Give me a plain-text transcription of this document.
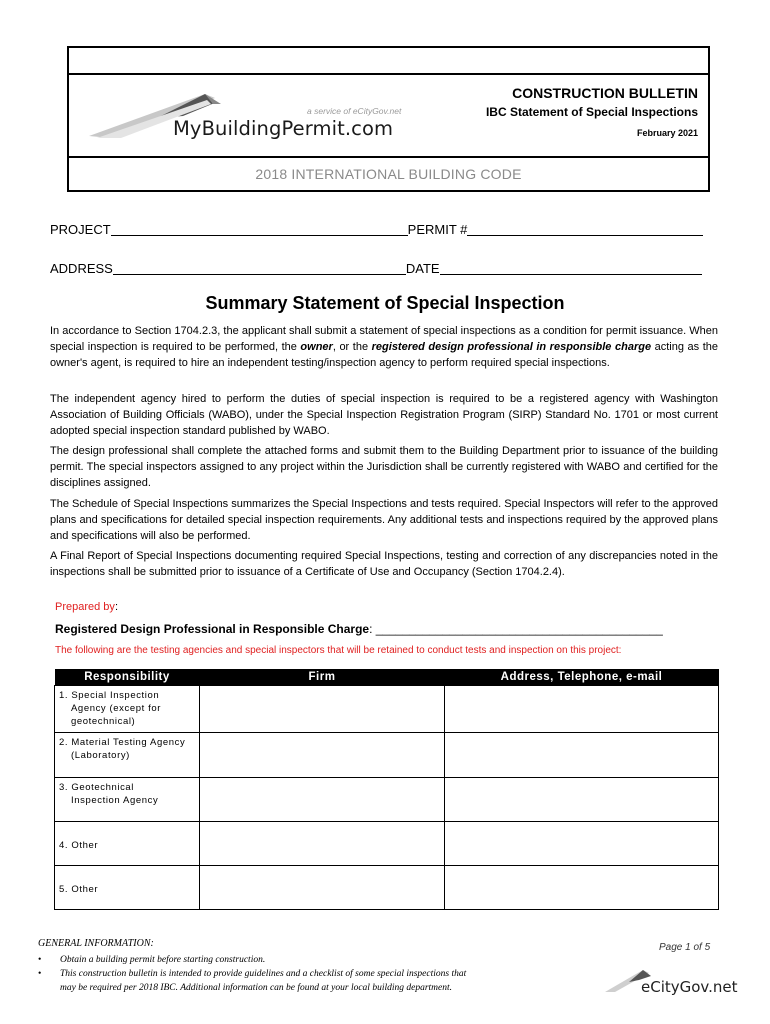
a service of eCityGov.net
MyBuildingPermit.com
CONSTRUCTION BULLETIN
IBC Statement of Special Inspections
February 2021
2018 INTERNATIONAL BUILDING CODE
PROJECT	PERMIT #
ADDRESS	DATE
Summary Statement of Special Inspection
In accordance to Section 1704.2.3, the applicant shall submit a statement of special inspections as a condition for permit issuance. When special inspection is required to be performed, the owner, or the registered design professional in responsible charge acting as the owner's agent, is required to hire an independent testing/inspection agency to perform required special inspections.
The independent agency hired to perform the duties of special inspection is required to be a registered agency with Washington Association of Building Officials (WABO), under the Special Inspection Registration Program (SIRP) Standard No. 1701 or most current adopted special inspection standard published by WABO.
The design professional shall complete the attached forms and submit them to the Building Department prior to issuance of the building permit. The special inspectors assigned to any project within the Jurisdiction shall be currently registered with WABO and certified for the disciplines assigned.
The Schedule of Special Inspections summarizes the Special Inspections and tests required. Special Inspectors will refer to the approved plans and specifications for detailed special inspection requirements. Any additional tests and inspections required by the approved plans and specifications will also be performed.
A Final Report of Special Inspections documenting required Special Inspections, testing and correction of any discrepancies noted in the inspections shall be submitted prior to issuance of a Certificate of Use and Occupancy (Section 1704.2.4).
Prepared by:
Registered Design Professional in Responsible Charge: ___________________________________________
The following are the testing agencies and special inspectors that will be retained to conduct tests and inspection on this project:
Responsibility	Firm	Address, Telephone, e-mail
1. Special Inspection
Agency (except for
geotechnical)		

2. Material Testing Agency
(Laboratory)		

3. Geotechnical
Inspection Agency		

4. Other		
5. Other		
GENERAL INFORMATION:
•	Obtain a building permit before starting construction.
•	This construction bulletin is intended to provide guidelines and a checklist of some special inspections that
may be required per 2018 IBC. Additional information can be found at your local building department.
Page 1 of 5
eCityGov.net
